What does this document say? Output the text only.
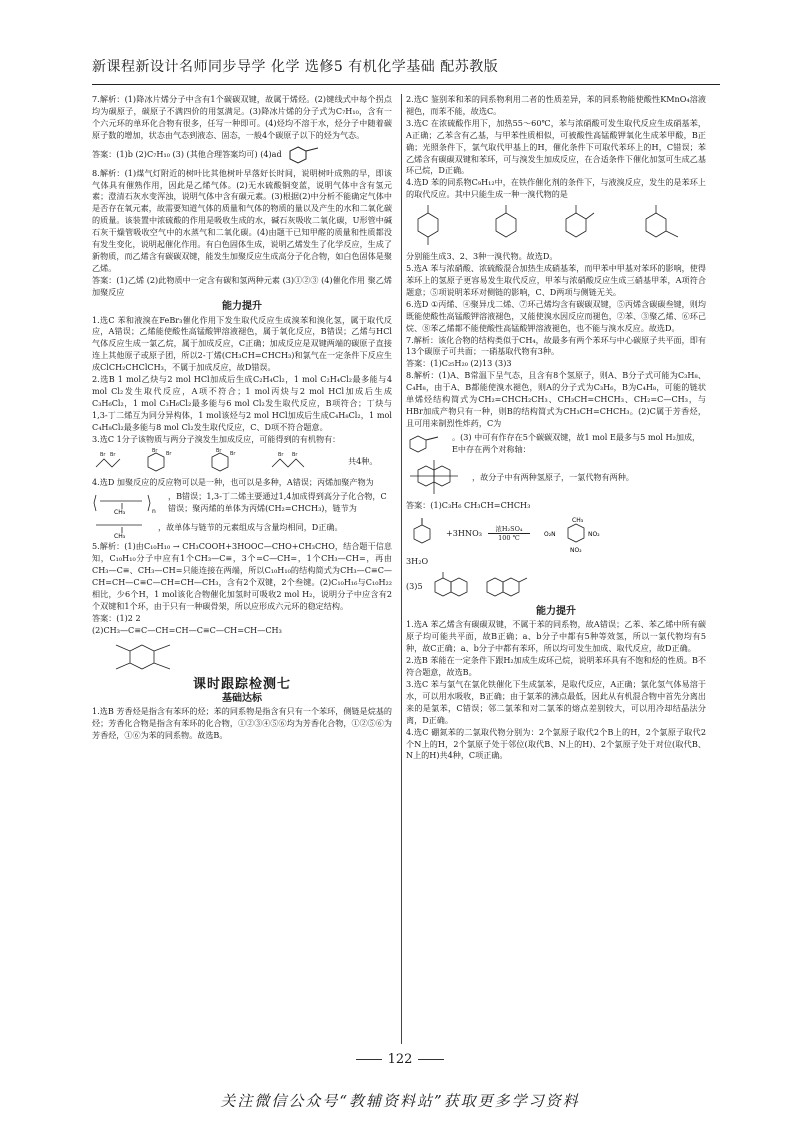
新课程新设计名师同步导学 化学 选修5 有机化学基础 配苏教版

7.解析：(1)降冰片烯分子中含有1个碳碳双键，故属于烯烃。(2)键线式中每个拐点均为碳原子，碳原子不满四价的用氢满足。(3)降冰片烯的分子式为C₇H₁₀，含有一个六元环的单环化合物有很多，任写一种即可。(4)烃均不溶于水，烃分子中随着碳原子数的增加，状态由气态到液态、固态，一般4个碳原子以下的烃为气态。

答案：(1)b (2)C₇H₁₀ (3) (其他合理答案均可) (4)ad

8.解析：(1)煤气灯附近的树叶比其他树叶早落好长时间，说明树叶成熟的早，即该气体具有催熟作用，因此是乙烯气体。(2)无水硫酸铜变蓝，说明气体中含有氢元素；澄清石灰水变浑浊，说明气体中含有碳元素。(3)根据(2)中分析不能确定气体中是否存在氧元素，故需要知道气体的质量和气体的物质的量以及产生的水和二氧化碳的质量。该装置中浓硫酸的作用是吸收生成的水，碱石灰吸收二氧化碳，U形管中碱石灰干燥管吸收空气中的水蒸气和二氧化碳。(4)由题干已知甲醛的质量和性质都没有发生变化，说明起催化作用。有白色固体生成，说明乙烯发生了化学反应，生成了新物质，而乙烯含有碳碳双键，能发生加聚反应生成高分子化合物，如白色固体是聚乙烯。

答案：(1)乙烯 (2)此物质中一定含有碳和氢两种元素 (3)①②③ (4)催化作用 聚乙烯 加聚反应

能力提升

1.选C 苯和液溴在FeBr₃催化作用下发生取代反应生成溴苯和溴化氢，属于取代反应，A错误；乙烯能使酸性高锰酸钾溶液褪色，属于氧化反应，B错误；乙烯与HCl气体反应生成一氯乙烷，属于加成反应，C正确；加成反应是双键两端的碳原子直接连上其他原子或原子团，所以2-丁烯(CH₃CH=CHCH₃)和氯气在一定条件下反应生成ClCH₂CHClCH₃，不属于加成反应，故D错误。

2.选B 1 mol乙炔与2 mol HCl加成后生成C₂H₄Cl₂，1 mol C₂H₄Cl₂最多能与4 mol Cl₂发生取代反应，A项不符合；1 mol丙炔与2 mol HCl加成后生成C₃H₆Cl₂，1 mol C₃H₆Cl₂最多能与6 mol Cl₂发生取代反应，B项符合；丁炔与1,3-丁二烯互为同分异构体，1 mol该烃与2 mol HCl加成后生成C₄H₈Cl₂，1 mol C₄H₈Cl₂最多能与8 mol Cl₂发生取代反应，C、D项不符合题意。

3.选C 1分子该物质与两分子溴发生加成反应，可能得到的有机物有：

Br Br
Br Br	Br Br	Br Br
共4种。

4.选D 加聚反应的反应物可以是一种，也可以是多种，A错误；丙烯加聚产物为

CH₃	n
，B错误；1,3-丁二烯主要通过1,4加成得到高分子化合物，C错误；聚丙烯的单体为丙烯(CH₂=CHCH₃)，链节为
CH₃
，故单体与链节的元素组成与含量均相同，D正确。

5.解析：(1)由C₁₀H₁₀ → CH₃COOH+3HOOC—CHO+CH₃CHO，结合题干信息知，C₁₀H₁₀分子中应有1个CH₃—C≡，3个=C—CH=，1个CH₃—CH=，再由CH₃—C≡、CH₃—CH=只能连接在两端，所以C₁₀H₁₀的结构简式为CH₃—C≡C—CH=CH—C≡C—CH=CH—CH₃，含有2个双键，2个叁键。(2)C₁₀H₁₆与C₁₀H₂₂相比，少6个H，1 mol该化合物催化加氢时可吸收2 mol H₂，说明分子中应含有2个双键和1个环，由于只有一种碳骨架，所以应形成六元环的稳定结构。

答案：(1)2 2

(2)CH₃—C≡C—CH=CH—C≡C—CH=CH—CH₃

课时跟踪检测七
基础达标

1.选B 芳香烃是指含有苯环的烃；苯的同系物是指含有只有一个苯环，侧链是烷基的烃；芳香化合物是指含有苯环的化合物，①②③④⑤⑥均为芳香化合物，①②⑤⑥为芳香烃，①⑥为苯的同系物。故选B。

2.选C 鉴别苯和苯的同系物利用二者的性质差异，苯的同系物能使酸性KMnO₄溶液褪色，而苯不能，故选C。

3.选C 在浓硫酸作用下，加热55～60℃，苯与浓硝酸可发生取代反应生成硝基苯，A正确；乙苯含有乙基，与甲苯性质相似，可被酸性高锰酸钾氧化生成苯甲酸，B正确；光照条件下，氯气取代甲基上的H，催化条件下可取代苯环上的H，C错误；苯乙烯含有碳碳双键和苯环，可与溴发生加成反应，在合适条件下催化加氢可生成乙基环己烷，D正确。

4.选D 苯的同系物C₉H₁₂中，在铁作催化剂的条件下，与液溴反应，发生的是苯环上的取代反应。其中只能生成一种一溴代物的是

分别能生成3、2、3种一溴代物。故选D。

5.选A 苯与浓硝酸、浓硫酸混合加热生成硝基苯，而甲苯中甲基对苯环的影响，使得苯环上的氢原子更容易发生取代反应，甲苯与浓硝酸反应生成三硝基甲苯，A项符合题意；⑤项说明苯环对侧链的影响，C、D两项与侧链无关。

6.选D ①丙烯、④聚异戊二烯、⑦环己烯均含有碳碳双键，⑤丙烯含碳碳叁键，则均既能使酸性高锰酸钾溶液褪色，又能使溴水因反应而褪色，②苯、③聚乙烯、⑥环己烷、⑧苯乙烯都不能使酸性高锰酸钾溶液褪色，也不能与溴水反应。故选D。

7.解析：该化合物的结构类似于CH₄，故最多有两个苯环与中心碳原子共平面，即有13个碳原子可共面；一硝基取代物有3种。

答案：(1)C₂₅H₂₀ (2)13 (3)3

8.解析：(1)A、B常温下呈气态，且含有8个氢原子，则A、B分子式可能为C₃H₈、C₄H₈，由于A、B都能使溴水褪色，则A的分子式为C₃H₆，B为C₄H₈，可能的链状单烯烃结构简式为CH₂=CHCH₂CH₃、CH₃CH=CHCH₃、CH₂=C—CH₃，与HBr加成产物只有一种，则B的结构简式为CH₃CH=CHCH₃。(2)C属于芳香烃，且可用来制烈性炸药，C为

。(3) 中可有作存在5个碳碳双键，故1 mol E最多与5 mol H₂加成，E中存在两个对称轴：
，故分子中有两种氢原子，一氯代物有两种。

答案：(1)C₃H₆ CH₃CH=CHCH₃

+3HNO₃ 浓H₂SO₄
100 ℃	O₂N	NO₂
NO₂
CH₃

3H₂O

(3)5
能力提升

1.选A 苯乙烯含有碳碳双键，不属于苯的同系物，故A错误；乙苯、苯乙烯中所有碳原子均可能共平面，故B正确；a、b分子中都有5种等效氢，所以一氯代物均有5种，故C正确；a、b分子中都有苯环，所以均可发生加成、取代反应，故D正确。

2.选B 苯能在一定条件下跟H₂加成生成环己烷，说明苯环具有不饱和烃的性质。B不符合题意，故选B。

3.选C 苯与氯气在氯化铁催化下生成氯苯，是取代反应，A正确；氯化氢气体易溶于水，可以用水吸收，B正确；由于氯苯的沸点最低，因此从有机混合物中首先分离出来的是氯苯，C错误；邻二氯苯和对二氯苯的熔点差别较大，可以用冷却结晶法分离，D正确。

4.选C 硼氮苯的二氯取代物分别为：2个氯原子取代2个B上的H，2个氯原子取代2个N上的H，2个氯原子处于邻位(取代B、N上的H)、2个氯原子处于对位(取代B、N上的H)共4种，C项正确。

122
关注微信公众号“教辅资料站”获取更多学习资料
